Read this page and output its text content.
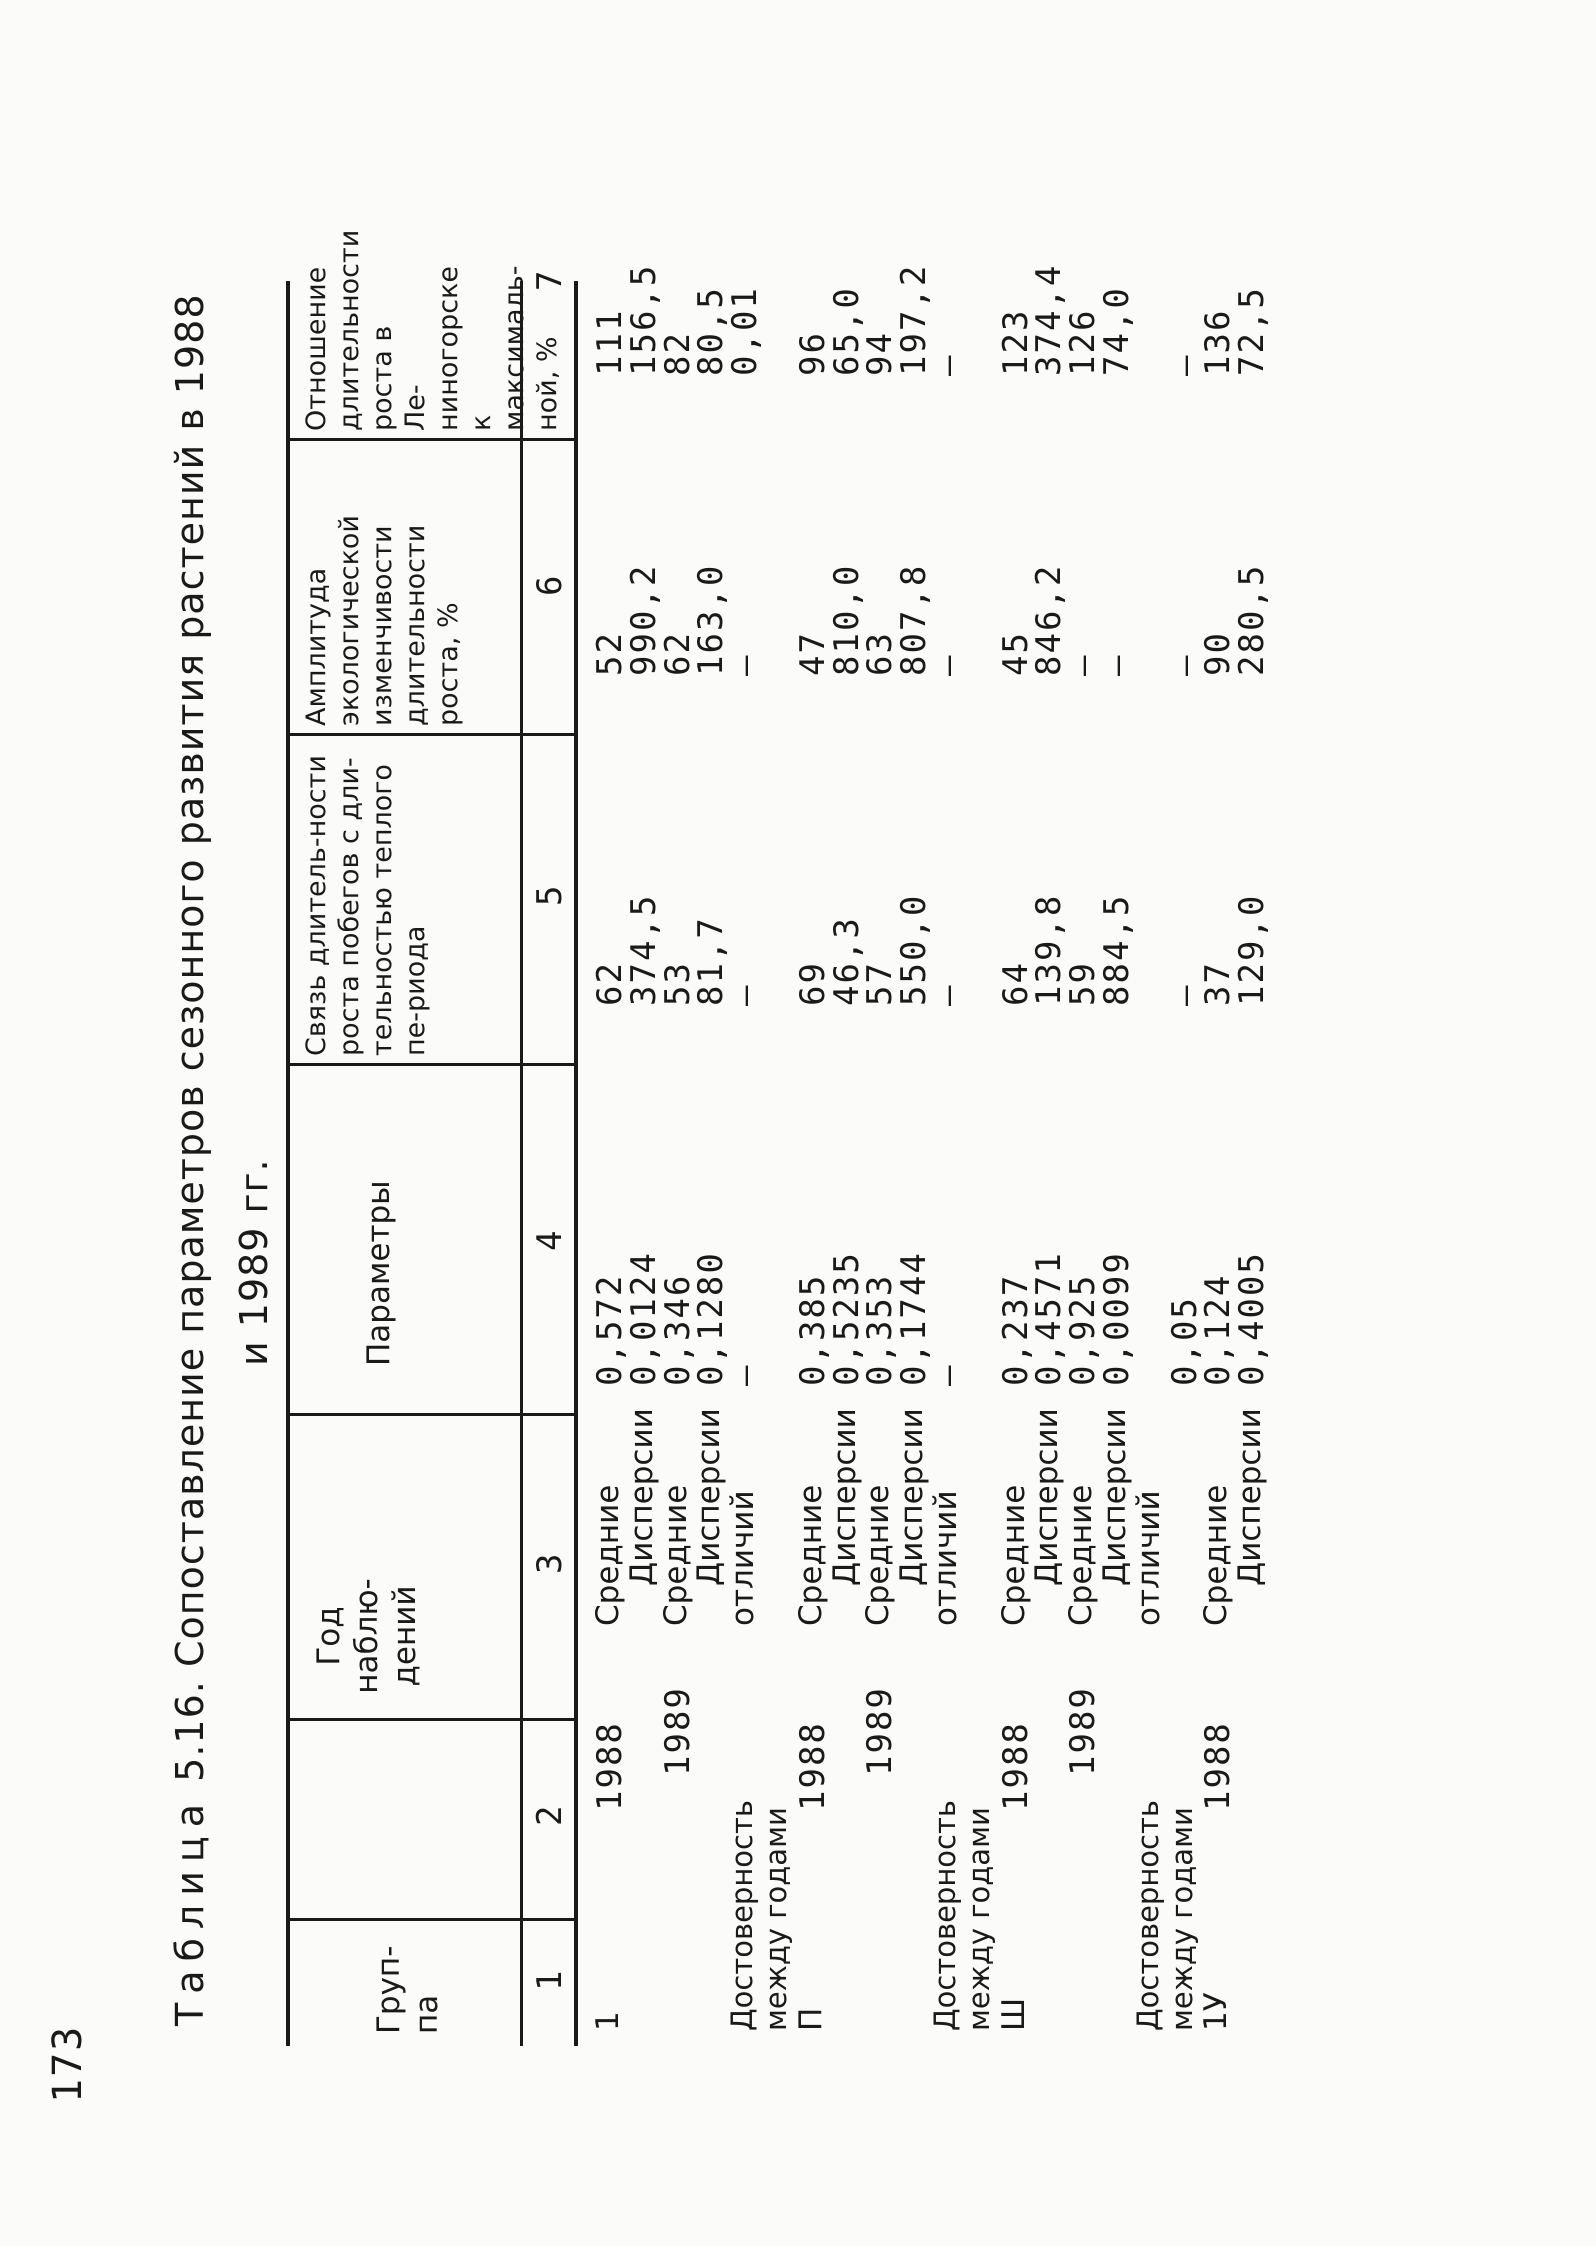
173
Таблица 5.16. Сопоставление параметров сезонного развития растений в 1988 и 1989 гг.
Груп-па
Год наблю-дений
Параметры
Связь длитель-ности роста побегов с дли-тельностью теплого пе-риода
Амплитуда экологической изменчивости длительности роста, %
Отношение длительности роста в Ле-ниногорске к максималь-ной, %
1
2
3
4
5
6
7
1
1988
Средние
0,572
62
52
111
Дисперсии
0,0124
374,5
990,2
156,5
1989
Средние
0,346
53
62
82
Дисперсии
0,1280
81,7
163,0
80,5
Достоверность
отличий
–
–
–
0,01
между годами П
1988
Средние
0,385
69
47
96
Дисперсии
0,5235
46,3
810,0
65,0
1989
Средние
0,353
57
63
94
Дисперсии
0,1744
550,0
807,8
197,2
Достоверность
отличий
–
–
–
–
между годами Ш
1988
Средние
0,237
64
45
123
Дисперсии
0,4571
139,8
846,2
374,4
1989
Средние
0,925
59
–
126
Дисперсии
0,0099
884,5
–
74,0
Достоверность
отличий
между годами
0,05
–
–
–
1У
1988
Средние
0,124
37
90
136
Дисперсии
0,4005
129,0
280,5
72,5
